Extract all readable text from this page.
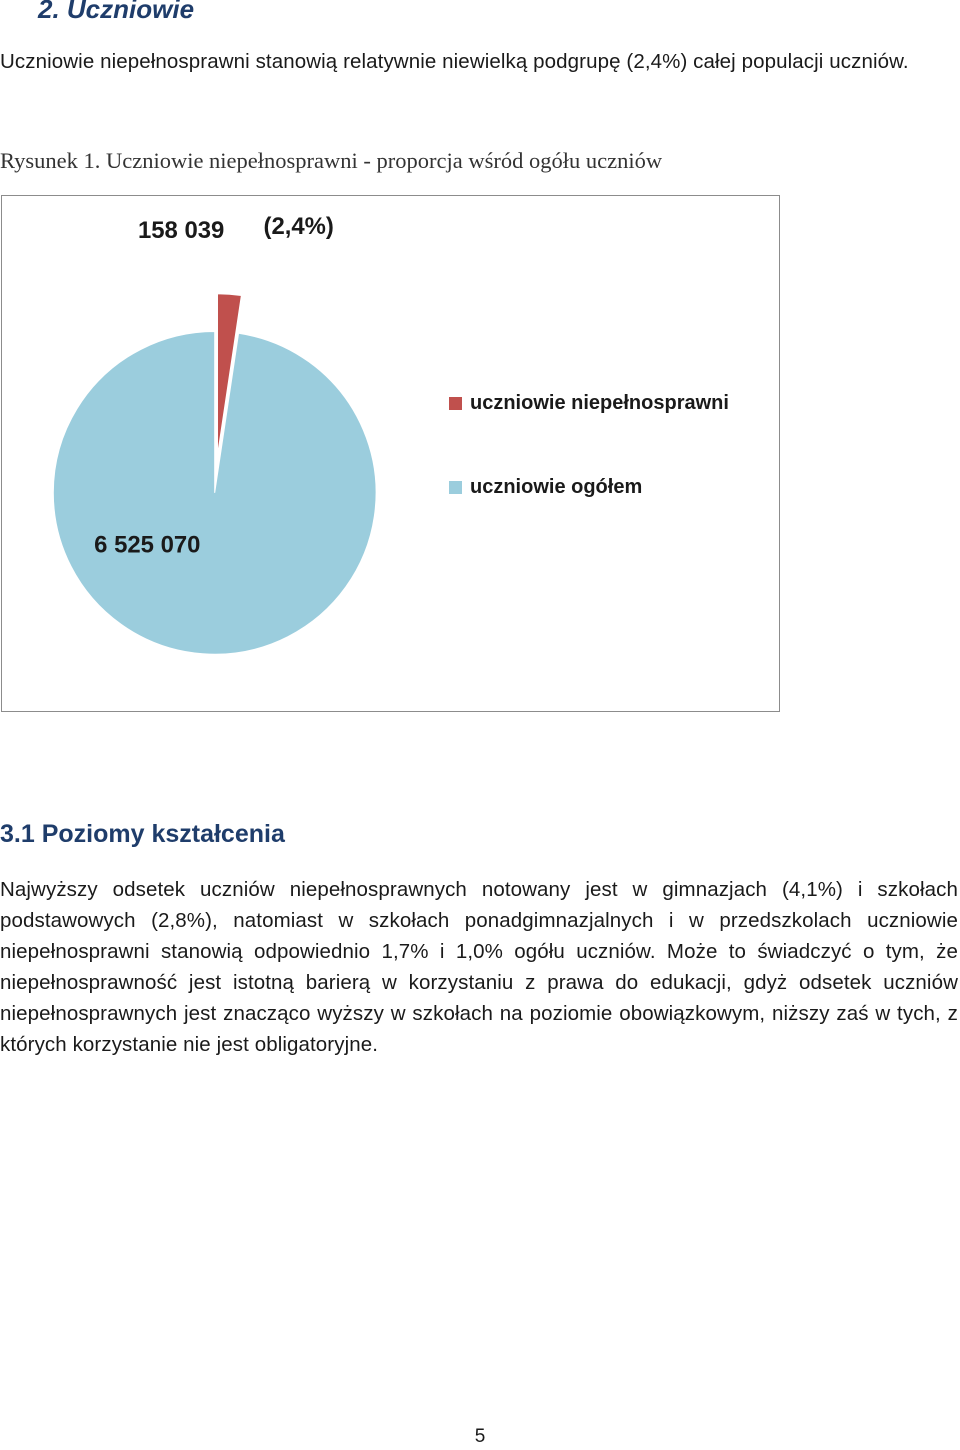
2. Uczniowie

Uczniowie niepełnosprawni stanowią relatywnie niewielką podgrupę (2,4%) całej populacji uczniów.

Rysunek 1. Uczniowie niepełnosprawni - proporcja wśród ogółu uczniów

158 039 (2,4%)
6 525 070
uczniowie niepełnosprawni
uczniowie ogółem
3.1 Poziomy kształcenia

Najwyższy odsetek uczniów niepełnosprawnych notowany jest w gimnazjach (4,1%) i szkołach podstawowych (2,8%), natomiast w szkołach ponadgimnazjalnych i w przedszkolach uczniowie niepełnosprawni stanowią odpowiednio 1,7% i 1,0% ogółu uczniów. Może to świadczyć o tym, że niepełnosprawność jest istotną barierą w korzystaniu z prawa do edukacji, gdyż odsetek uczniów niepełnosprawnych jest znacząco wyższy w szkołach na poziomie obowiązkowym, niższy zaś w tych, z których korzystanie nie jest obligatoryjne.

5
